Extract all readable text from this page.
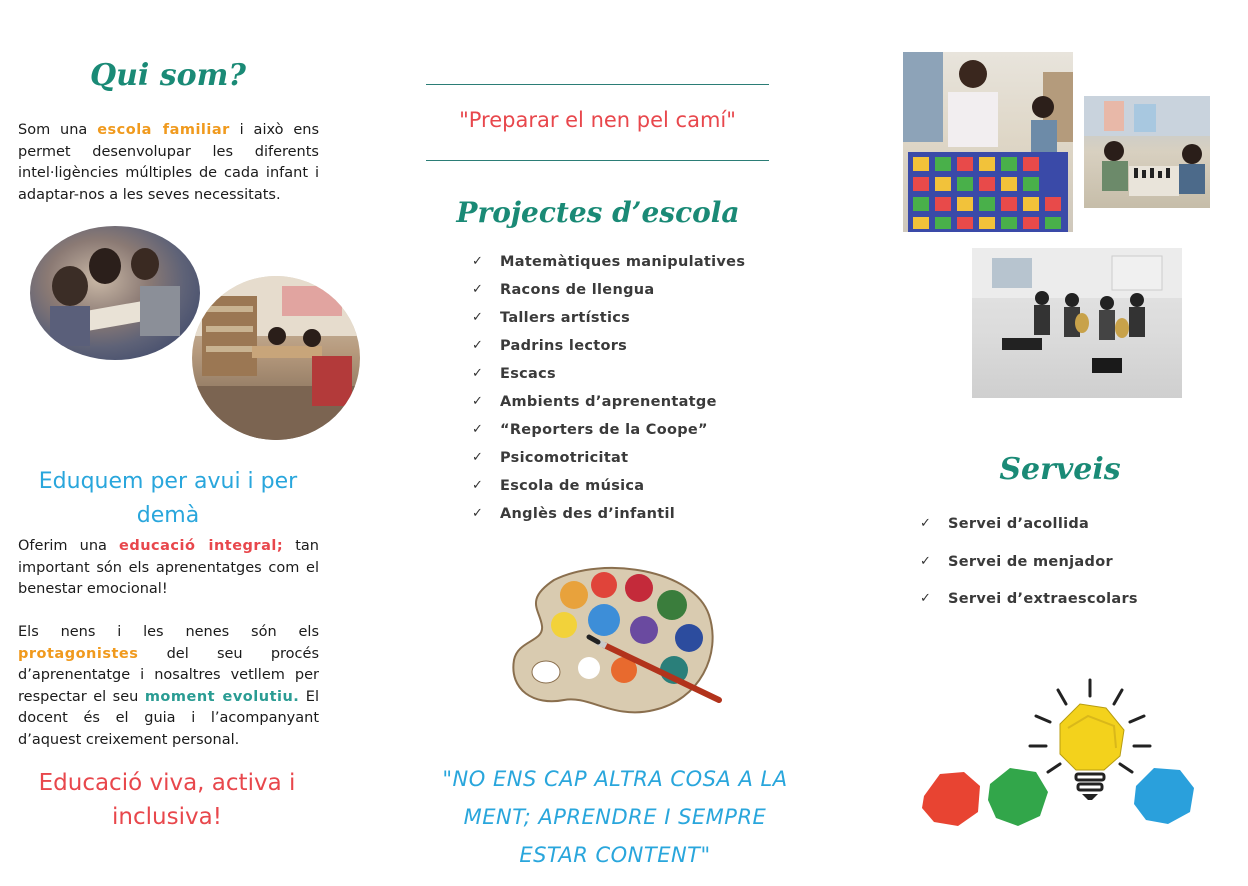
Qui som?
Som una escola familiar i això ens permet desenvolupar les diferents intel·ligències múltiples de cada infant i adaptar-nos a les seves necessitats.
Eduquem per avui i per demà
Oferim una educació integral; tan important són els aprenentatges com el benestar emocional!
Els nens i les nenes són els protagonistes del seu procés d’aprenentatge i nosaltres vetllem per respectar el seu moment evolutiu. El docent és el guia i l’acompanyant d’aquest creixement personal.
Educació viva, activa i inclusiva!
"Preparar el nen pel camí"
Projectes d’escola
✓ Matemàtiques manipulatives
✓ Racons de llengua
✓ Tallers artístics
✓ Padrins lectors
✓ Escacs
✓ Ambients d’aprenentatge
✓ “Reporters de la Coope”
✓ Psicomotricitat
✓ Escola de música
✓ Anglès des d’infantil
"NO ENS CAP ALTRA COSA A LA MENT; APRENDRE I SEMPRE ESTAR CONTENT"
Serveis
✓ Servei d’acollida
✓ Servei de menjador
✓ Servei d’extraescolars
